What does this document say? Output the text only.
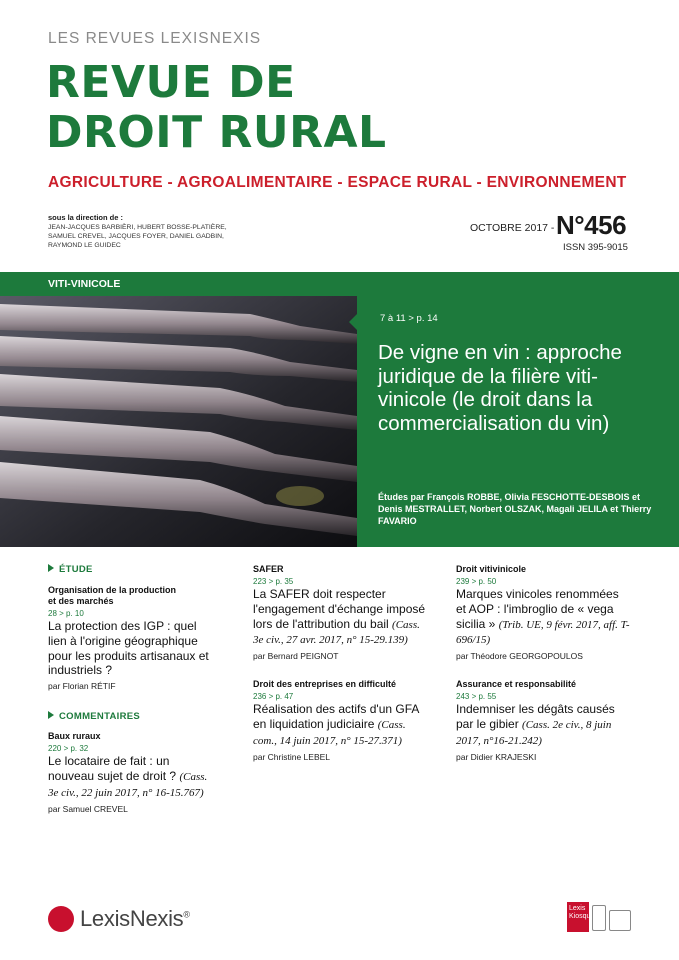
LES REVUES LEXISNEXIS
REVUE DE
DROIT RURAL
AGRICULTURE - AGROALIMENTAIRE - ESPACE RURAL - ENVIRONNEMENT
sous la direction de :
JEAN-JACQUES BARBIÈRI, HUBERT BOSSE-PLATIÈRE,
SAMUEL CREVEL, JACQUES FOYER, DANIEL GADBIN,
RAYMOND LE GUIDEC
OCTOBRE 2017 - N°456
ISSN 395-9015
VITI-VINICOLE
7 à 11 > p. 14
De vigne en vin : approche juridique de la filière viti-vinicole (le droit dans la commercialisation du vin)
Études par François ROBBE, Olivia FESCHOTTE-DESBOIS et Denis MESTRALLET, Norbert OLSZAK, Magali JELILA et Thierry FAVARIO
ÉTUDE
Organisation de la production
et des marchés
28 > p. 10
La protection des IGP : quel lien à l'origine géographique pour les produits artisanaux et industriels ?
par Florian RÉTIF
COMMENTAIRES
Baux ruraux
220 > p. 32
Le locataire de fait : un nouveau sujet de droit ? (Cass. 3e civ., 22 juin 2017, n° 16-15.767)
par Samuel CREVEL
SAFER
223 > p. 35
La SAFER doit respecter l'engagement d'échange imposé lors de l'attribution du bail (Cass. 3e civ., 27 avr. 2017, n° 15-29.139)
par Bernard PEIGNOT
Droit des entreprises en difficulté
236 > p. 47
Réalisation des actifs d'un GFA en liquidation judiciaire (Cass. com., 14 juin 2017, n° 15-27.371)
par Christine LEBEL
Droit vitivinicole
239 > p. 50
Marques vinicoles renommées et AOP : l'imbroglio de « vega sicilia » (Trib. UE, 9 févr. 2017, aff. T-696/15)
par Théodore GEORGOPOULOS
Assurance et responsabilité
243 > p. 55
Indemniser les dégâts causés par le gibier (Cass. 2e civ., 8 juin 2017, n°16-21.242)
par Didier KRAJESKI
LexisNexis®
Lexis Kiosque
